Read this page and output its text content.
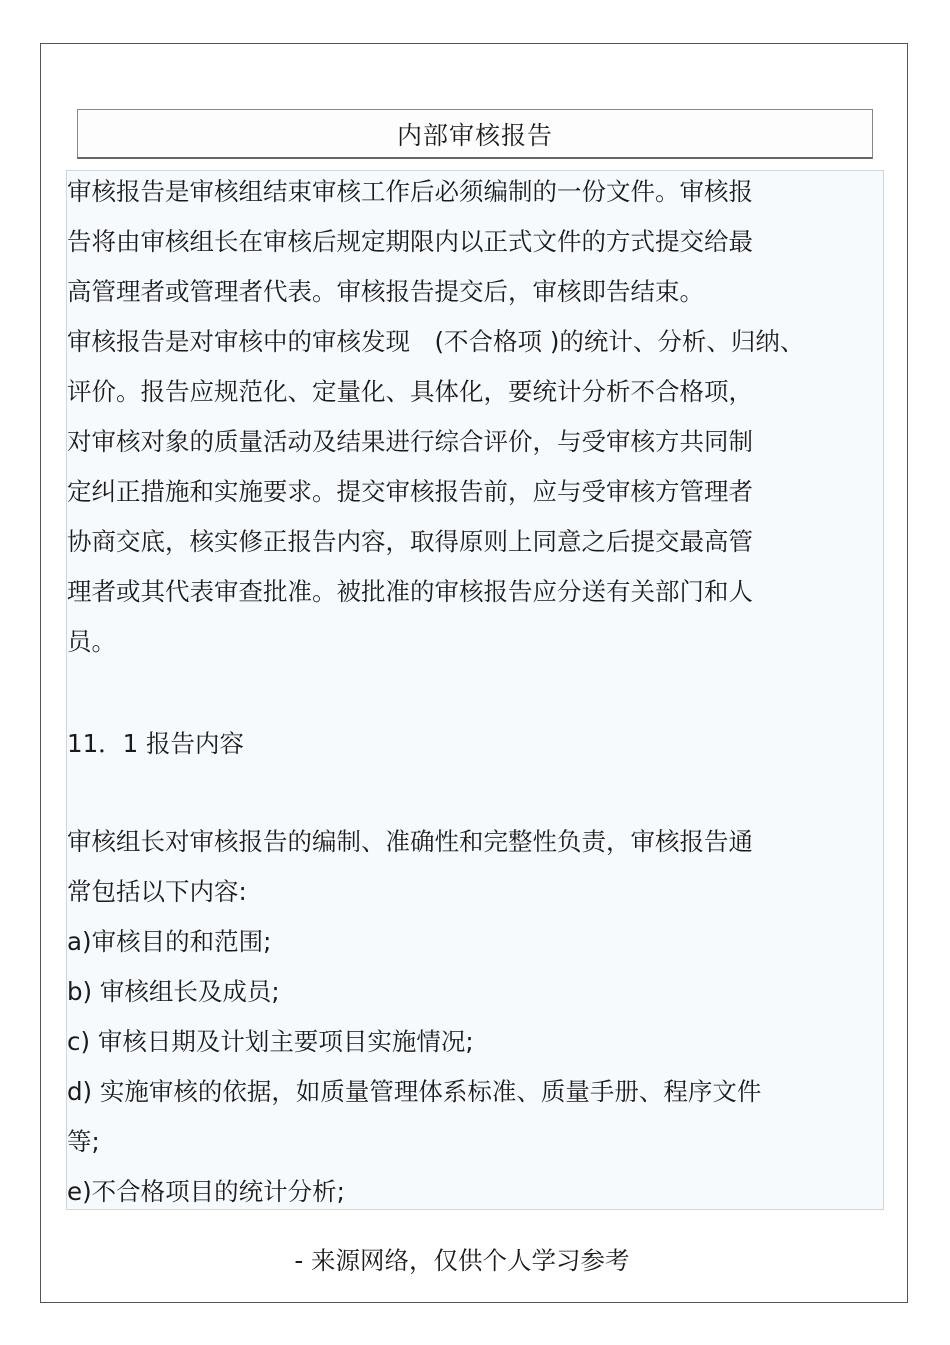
内部审核报告
审核报告是审核组结束审核工作后必须编制的一份文件。审核报
告将由审核组长在审核后规定期限内以正式文件的方式提交给最
高管理者或管理者代表。审核报告提交后，审核即告结束。
审核报告是对审核中的审核发现　(不合格项 )的统计、分析、归纳、
评价。报告应规范化、定量化、具体化，要统计分析不合格项，
对审核对象的质量活动及结果进行综合评价，与受审核方共同制
定纠正措施和实施要求。提交审核报告前，应与受审核方管理者
协商交底，核实修正报告内容，取得原则上同意之后提交最高管
理者或其代表审查批准。被批准的审核报告应分送有关部门和人
员。
11．1 报告内容
审核组长对审核报告的编制、准确性和完整性负责，审核报告通
常包括以下内容:
a)审核目的和范围;
b) 审核组长及成员;
c) 审核日期及计划主要项目实施情况;
d) 实施审核的依据，如质量管理体系标准、质量手册、程序文件
等;
e)不合格项目的统计分析;
- 来源网络，仅供个人学习参考
